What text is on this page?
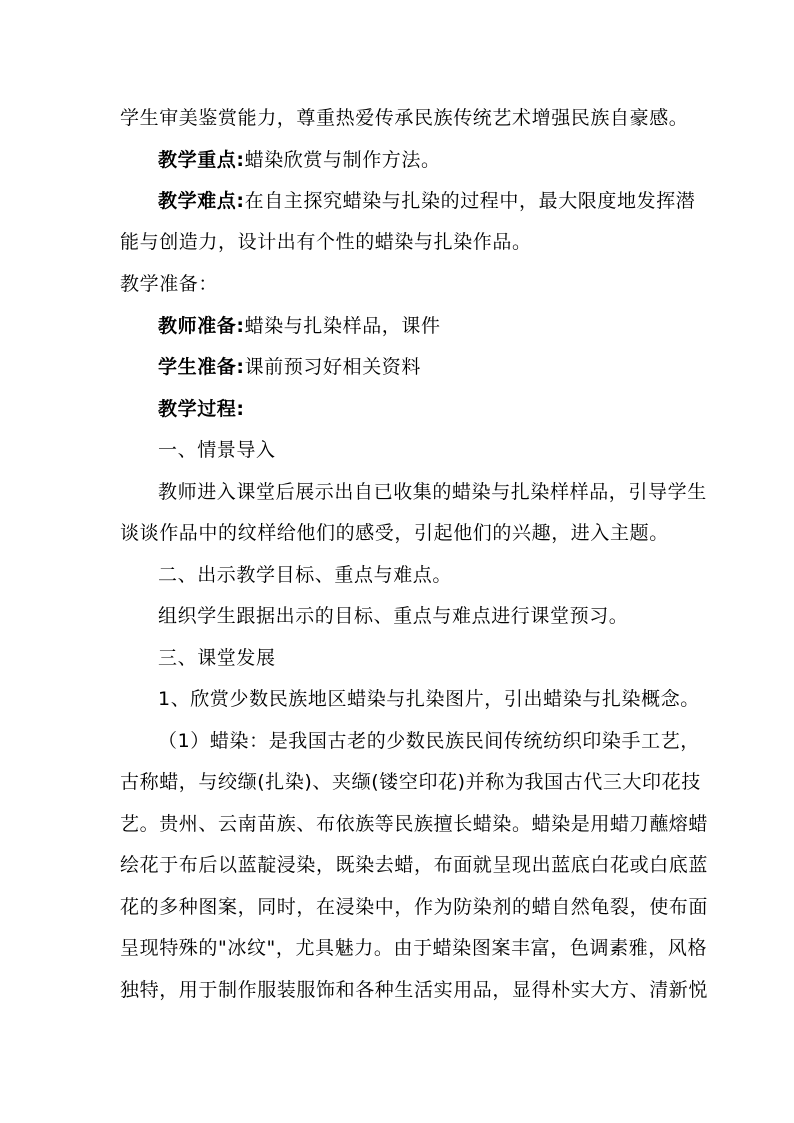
学生审美鉴赏能力，尊重热爱传承民族传统艺术增强民族自豪感。
教学重点:蜡染欣赏与制作方法。
教学难点:在自主探究蜡染与扎染的过程中，最大限度地发挥潜
能与创造力，设计出有个性的蜡染与扎染作品。
教学准备：
教师准备:蜡染与扎染样品，课件
学生准备:课前预习好相关资料
教学过程:
一、情景导入
教师进入课堂后展示出自已收集的蜡染与扎染样样品，引导学生
谈谈作品中的纹样给他们的感受，引起他们的兴趣，进入主题。
二、出示教学目标、重点与难点。
组织学生跟据出示的目标、重点与难点进行课堂预习。
三、课堂发展
1、欣赏少数民族地区蜡染与扎染图片，引出蜡染与扎染概念。
（1）蜡染：是我国古老的少数民族民间传统纺织印染手工艺，
古称蜡，与绞缬(扎染)、夹缬(镂空印花)并称为我国古代三大印花技
艺。贵州、云南苗族、布依族等民族擅长蜡染。蜡染是用蜡刀蘸熔蜡
绘花于布后以蓝靛浸染，既染去蜡，布面就呈现出蓝底白花或白底蓝
花的多种图案，同时，在浸染中，作为防染剂的蜡自然龟裂，使布面
呈现特殊的"冰纹"，尤具魅力。由于蜡染图案丰富，色调素雅，风格
独特，用于制作服装服饰和各种生活实用品，显得朴实大方、清新悦
